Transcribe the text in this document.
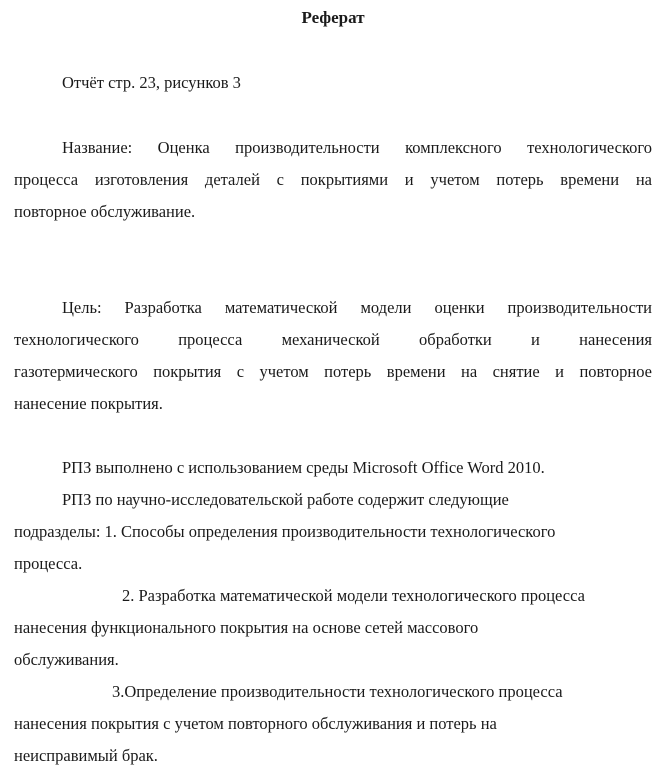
Реферат
Отчёт стр. 23, рисунков 3
Название: Оценка производительности комплексного технологического
процесса изготовления деталей с покрытиями и учетом потерь времени на
повторное обслуживание.
Цель: Разработка математической модели оценки производительности
технологического процесса механической обработки и нанесения
газотермического покрытия с учетом потерь времени на снятие и повторное
нанесение покрытия.
РПЗ выполнено с использованием среды Microsoft Office Word 2010.
РПЗ по научно-исследовательской работе содержит следующие
подразделы: 1. Способы определения производительности технологического
процесса.
2. Разработка математической модели технологического процесса
нанесения функционального покрытия на основе сетей массового
обслуживания.
3.Определение производительности технологического процесса
нанесения покрытия с учетом повторного обслуживания и потерь на
неисправимый брак.
